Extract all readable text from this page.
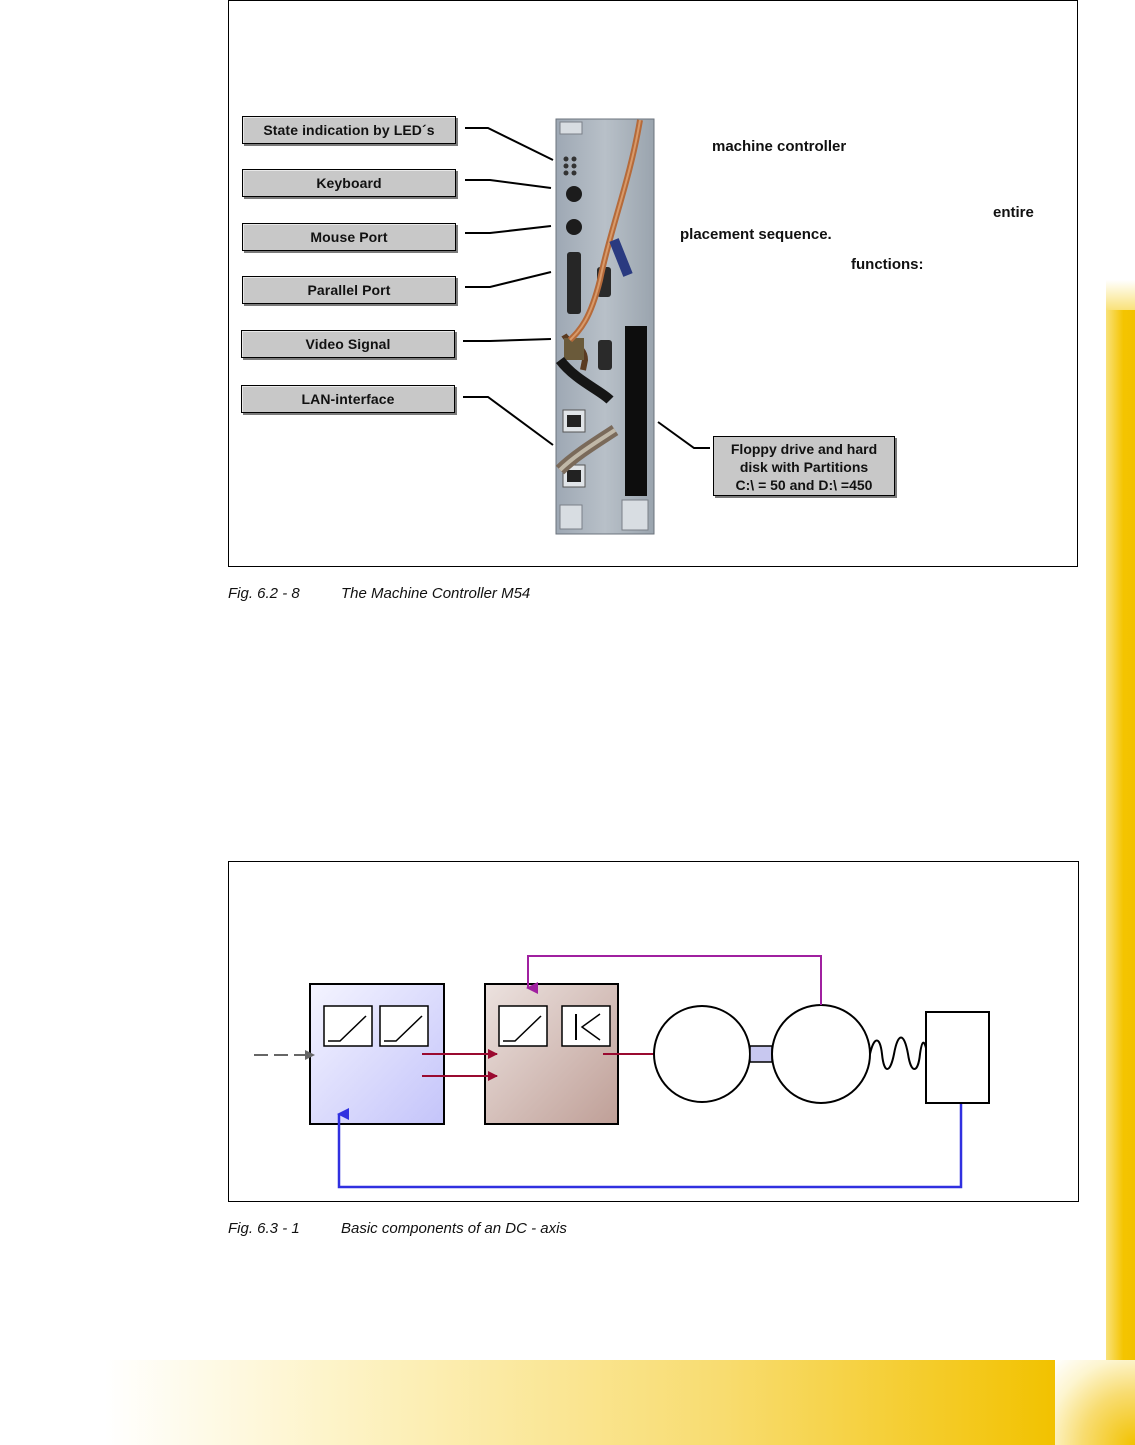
State indication by LED´s
Keyboard
Mouse Port
Parallel Port
Video Signal
LAN-interface
Floppy drive and hard
disk with Partitions
C:\ = 50 and D:\ =450
machine controller
entire
placement sequence.
functions:
Fig. 6.2 - 8	The Machine Controller M54
Fig. 6.3 - 1	Basic components of an DC - axis
